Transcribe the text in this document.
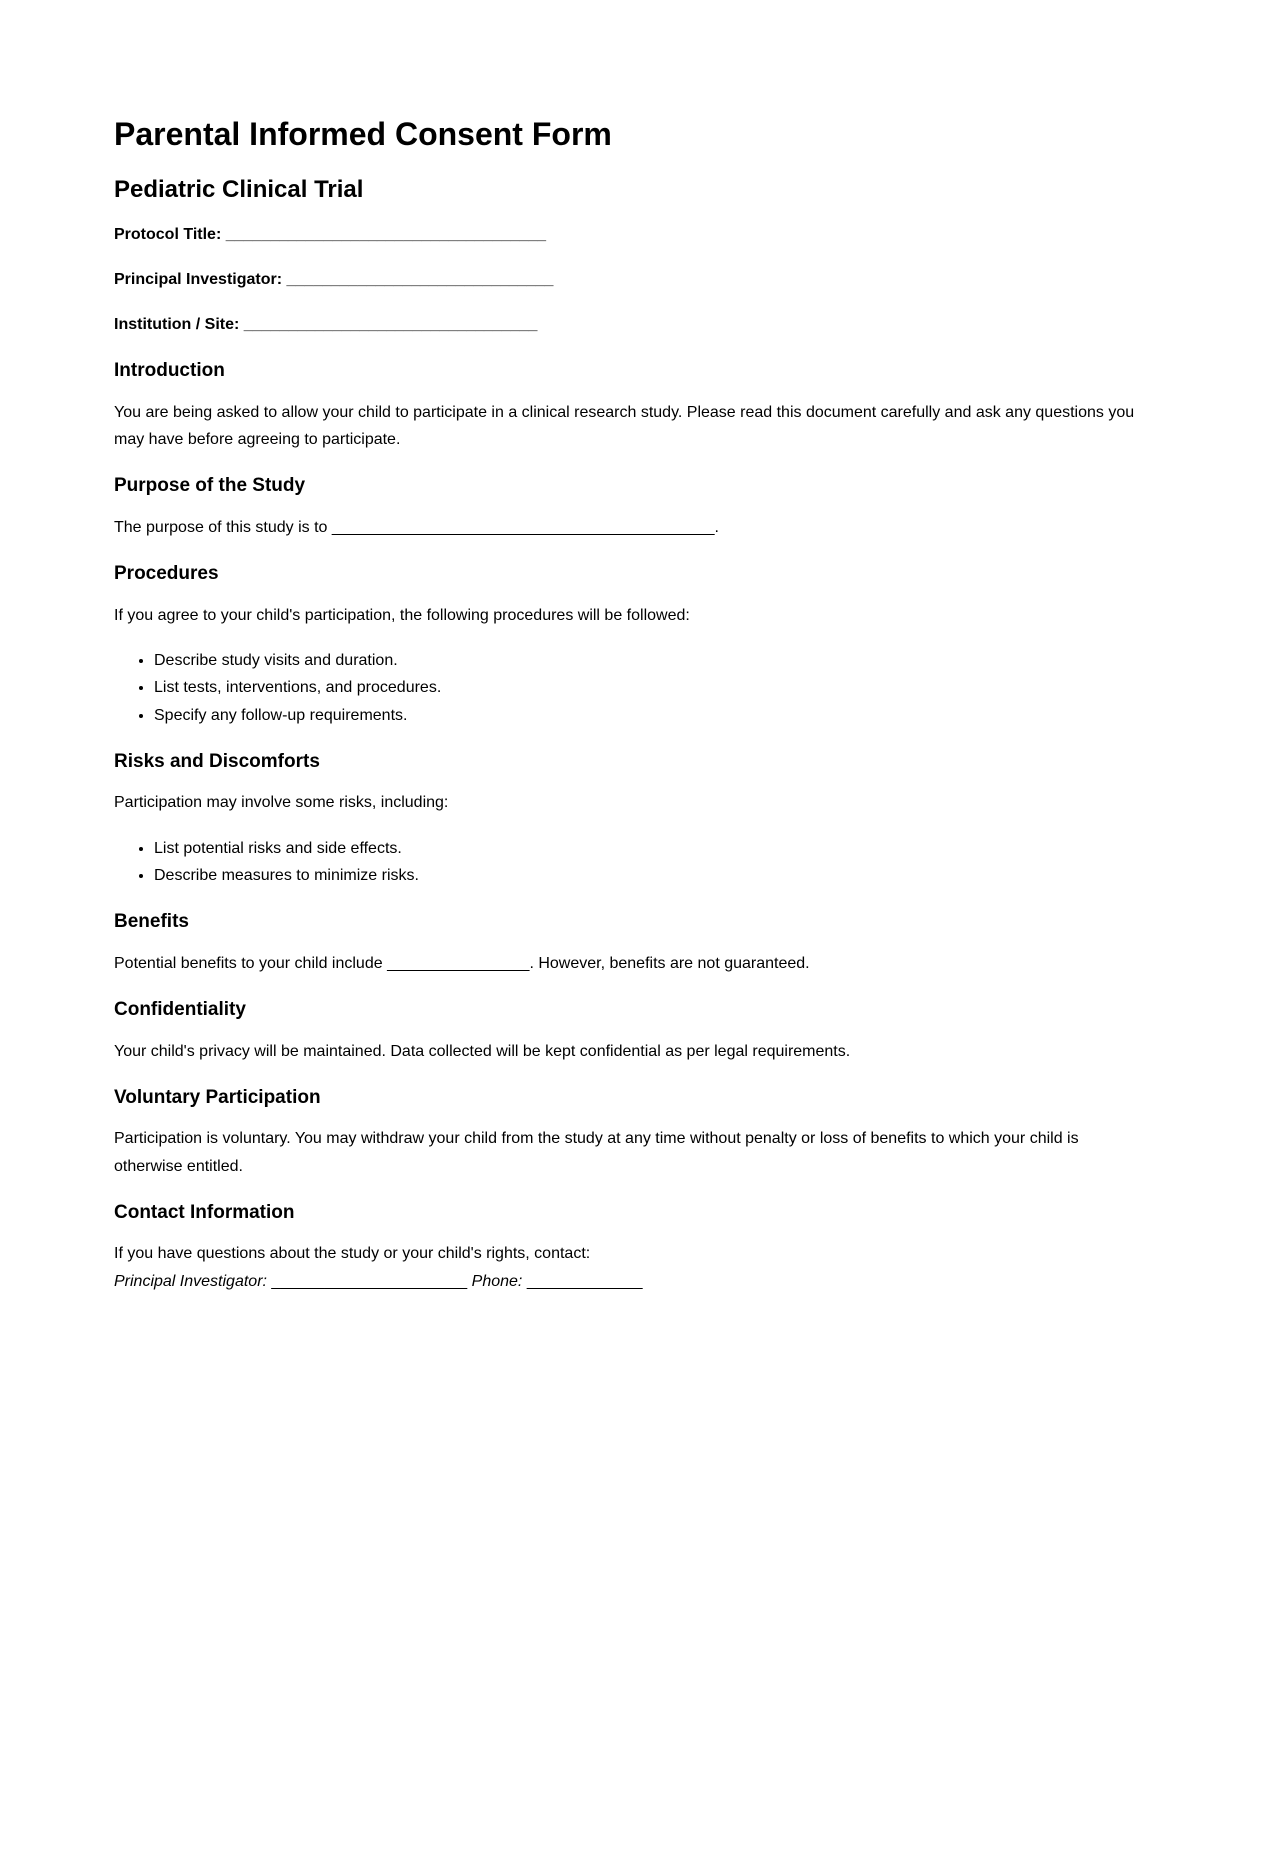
Parental Informed Consent Form
Pediatric Clinical Trial

Protocol Title: ____________________________________

Principal Investigator: ______________________________

Institution / Site: _________________________________

Introduction

You are being asked to allow your child to participate in a clinical research study. Please read this document carefully and ask any questions you may have before agreeing to participate.

Purpose of the Study

The purpose of this study is to ___________________________________________.

Procedures

If you agree to your child's participation, the following procedures will be followed:

• Describe study visits and duration.
• List tests, interventions, and procedures.
• Specify any follow-up requirements.
Risks and Discomforts

Participation may involve some risks, including:

• List potential risks and side effects.
• Describe measures to minimize risks.
Benefits

Potential benefits to your child include ________________. However, benefits are not guaranteed.

Confidentiality

Your child's privacy will be maintained. Data collected will be kept confidential as per legal requirements.

Voluntary Participation

Participation is voluntary. You may withdraw your child from the study at any time without penalty or loss of benefits to which your child is otherwise entitled.

Contact Information

If you have questions about the study or your child's rights, contact:
Principal Investigator: ______________________ Phone: _____________
